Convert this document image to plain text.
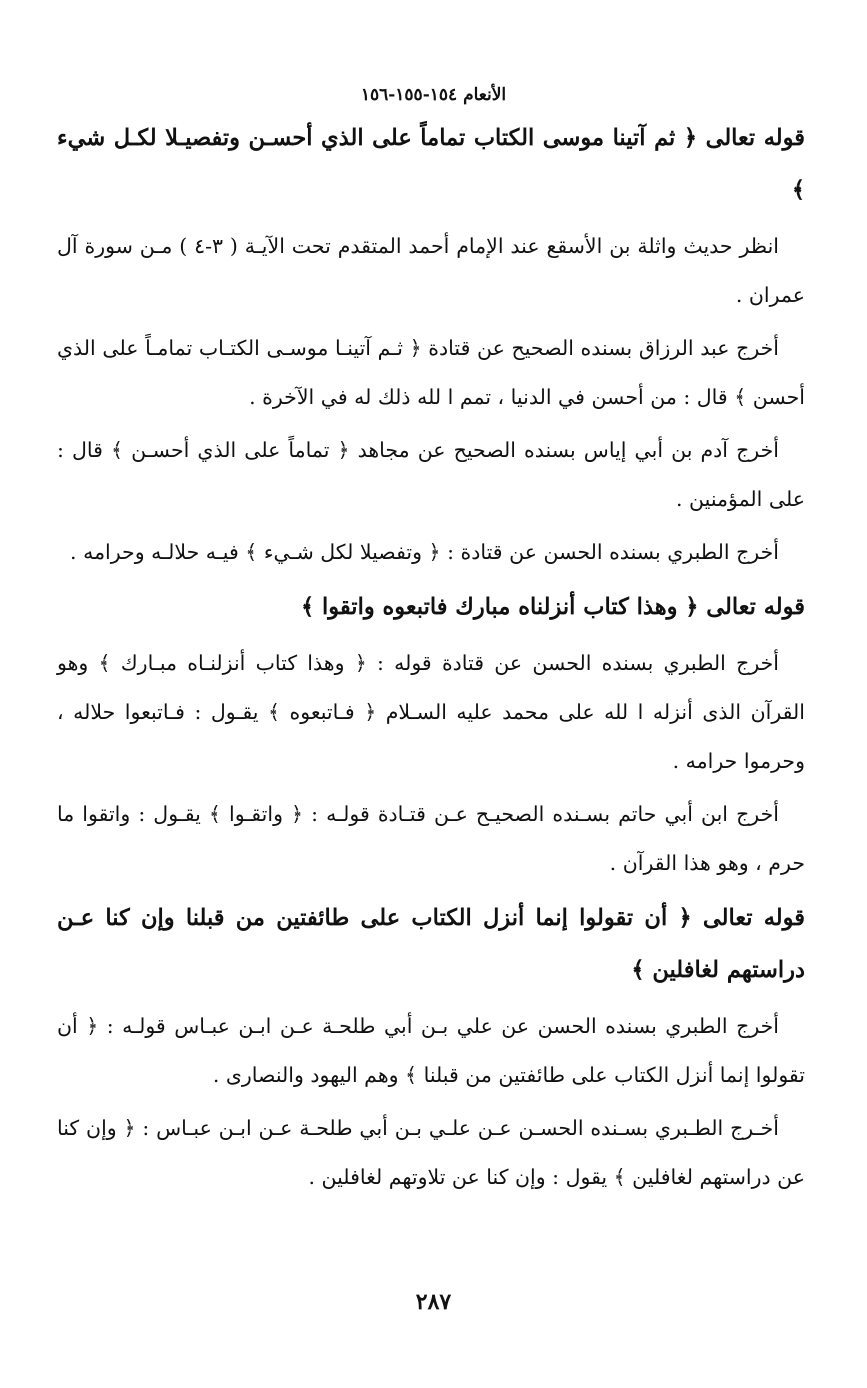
الأنعام ١٥٤-١٥٥-١٥٦

قوله تعالى ﴿ ثم آتينا موسى الكتاب تماماً على الذي أحسـن وتفصيـلا لكـل شيء ﴾

انظر حديث واثلة بن الأسقع عند الإمام أحمد المتقدم تحت الآيـة ( ٣-٤ ) مـن سورة آل عمران .

أخرج عبد الرزاق بسنده الصحيح عن قتادة ﴿ ثـم آتينـا موسـى الكتـاب تمامـاً على الذي أحسن ﴾ قال : من أحسن في الدنيا ، تمم ا لله ذلك له في الآخرة .

أخرج آدم بن أبي إياس بسنده الصحيح عن مجاهد ﴿ تماماً على الذي أحسـن ﴾ قال : على المؤمنين .

أخرج الطبري بسنده الحسن عن قتادة : ﴿ وتفصيلا لكل شـيء ﴾ فيـه حلالـه وحرامه .

قوله تعالى ﴿ وهذا كتاب أنزلناه مبارك فاتبعوه واتقوا ﴾

أخرج الطبري بسنده الحسن عن قتادة قوله : ﴿ وهذا كتاب أنزلنـاه مبـارك ﴾ وهو القرآن الذى أنزله ا لله على محمد عليه السـلام ﴿ فـاتبعوه ﴾ يقـول : فـاتبعوا حلاله ، وحرموا حرامه .

أخرج ابن أبي حاتم بسـنده الصحيـح عـن قتـادة قولـه : ﴿ واتقـوا ﴾ يقـول : واتقوا ما حرم ، وهو هذا القرآن .

قوله تعالى ﴿ أن تقولوا إنما أنزل الكتاب على طائفتين من قبلنا وإن كنا عـن دراستهم لغافلين ﴾

أخرج الطبري بسنده الحسن عن علي بـن أبي طلحـة عـن ابـن عبـاس قولـه : ﴿ أن تقولوا إنما أنزل الكتاب على طائفتين من قبلنا ﴾ وهم اليهود والنصارى .

أخـرج الطـبري بسـنده الحسـن عـن علـي بـن أبي طلحـة عـن ابـن عبـاس : ﴿ وإن كنا عن دراستهم لغافلين ﴾ يقول : وإن كنا عن تلاوتهم لغافلين .

٢٨٧
